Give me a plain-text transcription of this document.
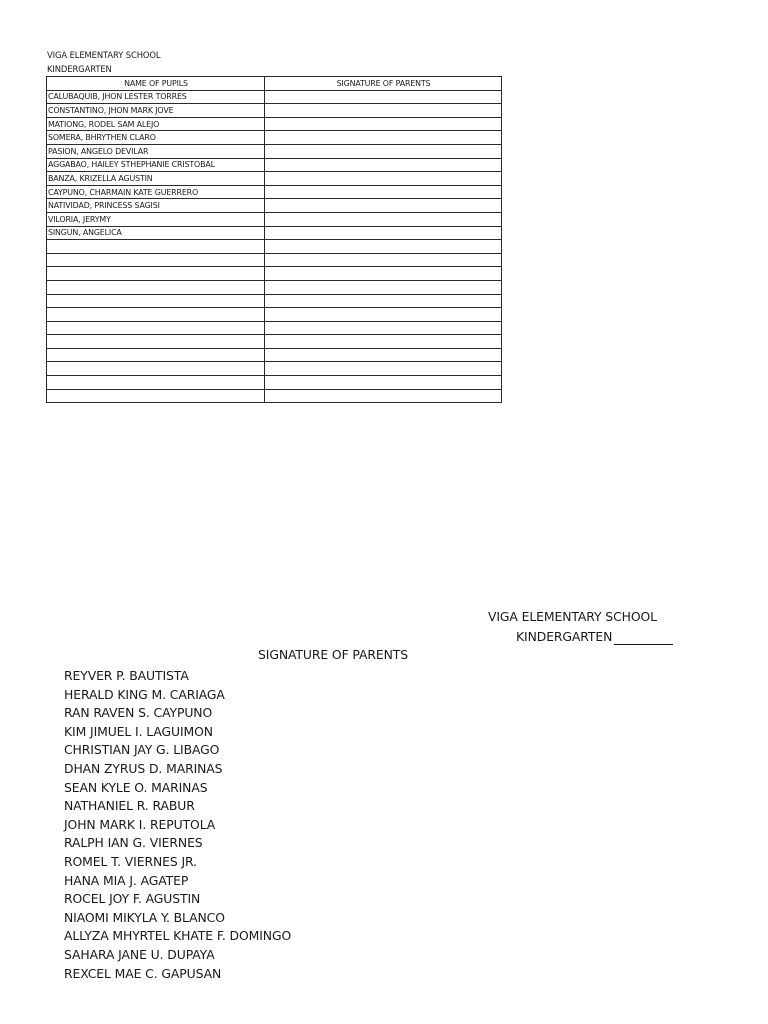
VIGA ELEMENTARY SCHOOL
KINDERGARTEN
NAME OF PUPILS	SIGNATURE OF PARENTS
CALUBAQUIB, JHON LESTER TORRES	
CONSTANTINO, JHON MARK JOVE	
MATIONG, RODEL SAM ALEJO	
SOMERA, BHRYTHEN CLARO	
PASION, ANGELO DEVILAR	
AGGABAO, HAILEY STHEPHANIE CRISTOBAL	
BANZA, KRIZELLA AGUSTIN	
CAYPUNO, CHARMAIN KATE GUERRERO	
NATIVIDAD, PRINCESS SAGISI	
VILORIA, JERYMY	
SINGUN, ANGELICA	

VIGA ELEMENTARY SCHOOL
KINDERGARTEN
SIGNATURE OF PARENTS
REYVER P. BAUTISTA
HERALD KING M. CARIAGA
RAN RAVEN S. CAYPUNO
KIM JIMUEL I. LAGUIMON
CHRISTIAN JAY G. LIBAGO
DHAN ZYRUS D. MARINAS
SEAN KYLE O. MARINAS
NATHANIEL R. RABUR
JOHN MARK I. REPUTOLA
RALPH IAN G. VIERNES
ROMEL T. VIERNES JR.
HANA MIA J. AGATEP
ROCEL JOY F. AGUSTIN
NIAOMI MIKYLA Y. BLANCO
ALLYZA MHYRTEL KHATE F. DOMINGO
SAHARA JANE U. DUPAYA
REXCEL MAE C. GAPUSAN
